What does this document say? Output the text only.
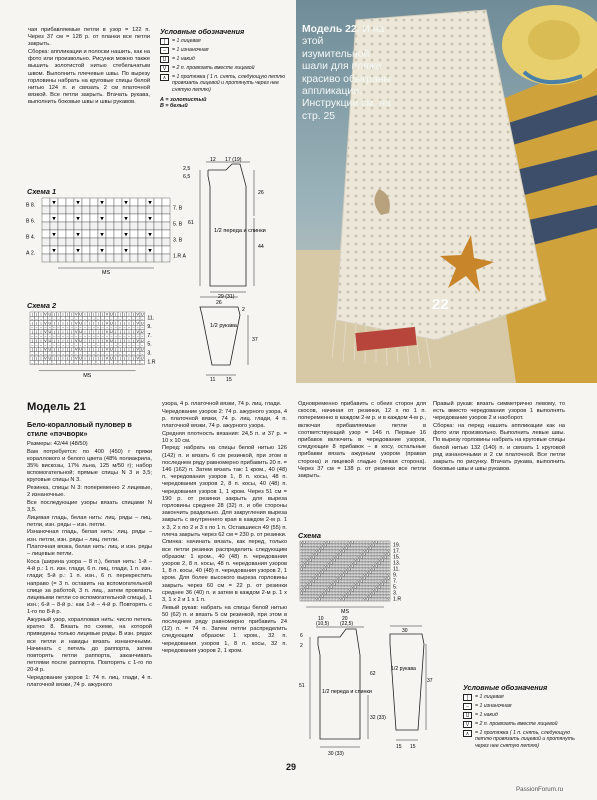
чая прибавляемые петли в узор = 122 п. Через 37 см = 128 р. от планки все петли закрыть.

Сборка: аппликации и полоски нашить, как на фото или произвольно. Рисунки можно также вышить золотистой нитью стебельчатым швом. Выполнить плечевые швы. По вырезу горловины набрать на круговые спицы белой нитью 124 п. и связать 2 см платочной вязкой. Все петли закрыть. Втачать рукава, выполнить боковые швы и швы рукавов.

Условные обозначения
|	= 1 лицевая
–	= 1 изнаночная
U	= 1 накид
V	= 2 п. провязать вместе лицевой
∧	= 1 протяжка ( 1 п. снять, следующую петлю провязать лицевой и протянуть через нее снятую петлю)
А = золотистый
В = белый
12 17 (19)
2,5
6,5
26
61
44
29 (31)
1/2 переда и спинки
Схема 1
▾	▾	▾	▾	▾
▾	▾	▾	▾	▾
▾	▾	▾	▾	▾
▾	▾	▾	▾	▾
7. В
5. В
3. В
1.R А
В 8.
В 6.
В 4.
А 2.
MS
26
2
37
11 15
1/2 рукава
Схема 2
| | | V U | | | | | V U | | | | | V U | | | | | V U
– – – – – – – – – – – – – – – – – – – – – – – – – –
| | | V U | | | | | V U | | | | | V U | | | | | V U
– – – – – – – – – – – – – – – – – – – – – – – – – –
| | | V U | | | | | V U | | | | | V U | | | | | V U
– – – – – – – – – – – – – – – – – – – – – – – – – –
| | | V U | | | | | V U | | | | | V U | | | | | V U
– – – – – – – – – – – – – – – – – – – – – – – – – –
| | | V U | | | | | V U | | | | | V U | | | | | V U
– – – – – – – – – – – – – – – – – – – – – – – – – –
| | | V U | | | | | V U | | | | | V U | | | | | V U
– – – – – – – – – – – – – – – – – – – – – – – – – –
11.
9.
7.
5.
3.
1.R
MS
Модель 22. И на этой изумительной шали для пляжа красиво обыграны аппликации. Инструкции см. на стр. 25
22
Модель 21
Бело-коралловый пуловер в стиле «пэчворк»

Размеры: 42/44 (48/50)

Вам потребуется: по 400 (450) г пряжи кораллового и белого цвета (48% полиакрила, 35% вискозы, 17% льна, 125 м/50 г); набор вспомогательной; прямые спицы N 3 и 3,5; круговые спицы N 3.

Резинка, спицы N 3: попеременно 2 лицевые, 2 изнаночные.

Все последующие узоры вязать спицами N 3,5.

Лицевая гладь, белая нить: лиц. ряды – лиц. петли, изн. ряды – изн. петли.

Изнаночная гладь, белая нить: лиц. ряды – изн. петли, изн. ряды – лиц. петли.

Платочная вязка, белая нить: лиц. и изн. ряды – лицевые петли.

Коса (ширина узора – 8 п.), белая нить: 1-й – 4-й р.: 1 п. изн. глади, 6 п. лиц. глади, 1 п. изн. глади; 5-й р.: 1 п. изн., 6 п. перекрестить направо (= 3 п. оставить на вспомогательной спице за работой, 3 п. лиц., затем провязать лицевыми петли со вспомогательной спицы), 1 изн.; 6-й – 8-й р.: как 1-й – 4-й р. Повторять с 1-го по 8-й р.

Ажурный узор, коралловая нить: число петель кратно 8. Вязать по схеме, на которой приведены только лицевые ряды. В изн. рядах все петли и накиды вязать изнаночными. Начинать с петель до раппорта, затем повторять петли раппорта, заканчивать петлями после раппорта. Повторять с 1-го по 20-й р.

Чередование узоров 1: 74 п. лиц. глади, 4 п. платочной вязки, 74 р. ажурного

узора, 4 р. платочной вязки, 74 р. лиц. глади.

Чередование узоров 2: 74 р. ажурного узора, 4 р. платочной вязки, 74 р. лиц. глади, 4 п. платочной вязки, 74 р. ажурного узора.

Средняя плотность вязания: 24,5 п. и 37 р. = 10 х 10 см.

Перед: набрать на спицы белой нитью 126 (142) п. и вязать 6 см резинкой, при этом в последнем ряду равномерно прибавить 20 п. = 146 (162) п. Затем вязать так: 1 кром., 40 (48) п. чередования узоров 1, 8 п. косы, 48 п. чередования узоров 2, 8 п. косы, 40 (48) п. чередования узоров 1, 1 кром. Через 51 см = 190 р. от резинки закрыть для выреза горловины среднее 28 (32) п. и обе стороны закончить раздельно. Для закругления выреза закрыть с внутреннего края в каждом 2-м р. 1 х 3, 2 х по 2 и 3 х по 1 п. Оставшиеся 49 (55) п. плеча закрыть через 62 см = 230 р. от резинки.

Спинка: начинать вязать, как перед, только все петли резинки распределить следующим образом: 1 кром., 40 (48) п. чередования узоров 2, 8 п. косы, 48 п. чередования узоров 1, 8 п. косы, 40 (48) п. чередования узоров 2, 1 кром. Для более высокого выреза горловины закрыть через 60 см = 22 р. от резинки среднее 36 (40) п. и затем в каждом 2-м р. 1 х 3, 1 х 2 и 1 х 1 п.

Левый рукав: набрать на спицы белой нитью 50 (62) п. и вязать 5 см резинкой, при этом в последнем ряду равномерно прибавить 24 (12) п. = 74 п. Затем петли распределить следующим образом: 1 кром., 32 п. чередования узоров 1, 8 п. косы, 32 п. чередования узоров 2, 1 кром.

Одновременно прибавить с обеих сторон для скосов, начиная от резинки, 12 х по 1 п. попеременно в каждом 2-м р. и в каждом 4-м р., включая прибавляемые петли в соответствующий узор = 146 п. Первые 16 прибавок включить в чередование узоров, следующие 8 прибавок – в косу, остальные прибавки вязать ажурным узором (правая сторона) и лицевой гладью (левая сторона). Через 37 см = 138 р. от резинки все петли закрыть.

Правый рукав: вязать симметрично левому, то есть вместо чередования узоров 1 выполнять чередование узоров 2 и наоборот.

Сборка: на перед нашить аппликации как на фото или произвольно. Выполнить левые швы. По вырезу горловины набрать на круговые спицы белой нитью 132 (140) п. и связать 1 круговой ряд изнаночными и 2 см платочной. Все петли закрыть по рисунку. Втачать рукава, выполнить боковые швы и швы рукавов.

Схема
V U | | | | | | V U | | | | | | V U | | | | | | V U | | | |
U | | | | | | V U | | | | | | V U | | | | | | V U | | | | |
| | | | | | V U | | | | | | V U | | | | | | V U | | | | | |
| | | | | V U | | | | | | V U | | | | | | V U | | | | | | V
| | | | V U | | | | | | V U | | | | | | V U | | | | | | V U
| | | V U | | | | | | V U | | | | | | V U | | | | | | V U |
| | V U | | | | | | V U | | | | | | V U | | | | | | V U | |
| V U | | | | | | V U | | | | | | V U | | | | | | V U | | |
V U | | | | | | V U | | | | | | V U | | | | | | V U | | | |
U | | | | | | V U | | | | | | V U | | | | | | V U | | | | |
| | | | | | V U | | | | | | V U | | | | | | V U | | | | | |
| | | | | V U | | | | | | V U | | | | | | V U | | | | | | V
| | | | V U | | | | | | V U | | | | | | V U | | | | | | V U
| | | V U | | | | | | V U | | | | | | V U | | | | | | V U |
| | V U | | | | | | V U | | | | | | V U | | | | | | V U | |
| V U | | | | | | V U | | | | | | V U | | | | | | V U | | |
V U | | | | | | V U | | | | | | V U | | | | | | V U | | | |
U | | | | | | V U | | | | | | V U | | | | | | V U | | | | |
| | | | | | V U | | | | | | V U | | | | | | V U | | | | | |
| | | | | V U | | | | | | V U | | | | | | V U | | | | | | V
19.
17.
15.
13.
11.
9.
7.
5.
3.
1.R
MS
10
(10,5)
20
(22,5)
6
2
51
62
32 (33)
30 (33)
1/2 переда и спинки
30
37
15 15
1/2 рукава
Условные обозначения
|	= 1 лицевая
–	= 1 изнаночная
U	= 1 накид
V	= 2 п. провязать вместе лицевой
∧	= 1 протяжка ( 1 п. снять, следующую петлю провязать лицевой и протянуть через нее снятую петлю)
29
PassionForum.ru
